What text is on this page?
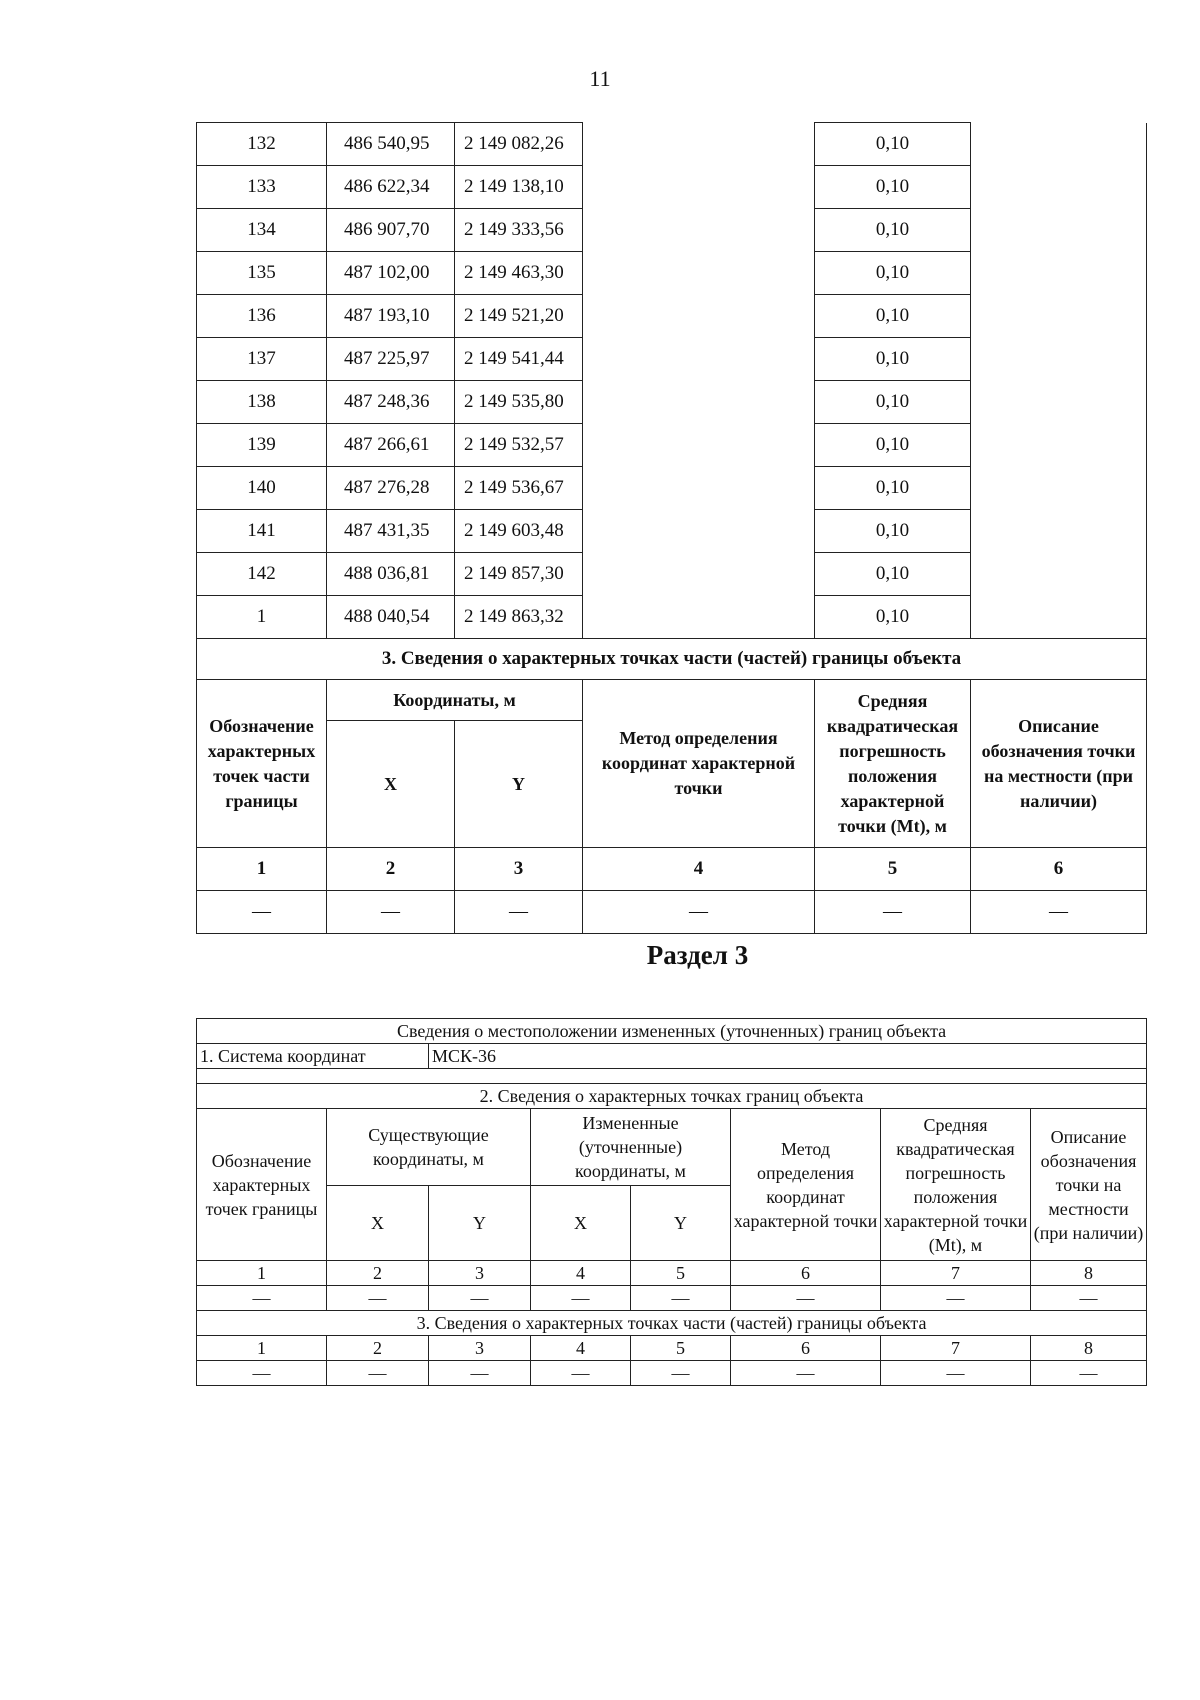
11
132	486 540,95	2 149 082,26		0,10	
133	486 622,34	2 149 138,10		0,10	
134	486 907,70	2 149 333,56		0,10	
135	487 102,00	2 149 463,30		0,10	
136	487 193,10	2 149 521,20		0,10	
137	487 225,97	2 149 541,44		0,10	
138	487 248,36	2 149 535,80		0,10	
139	487 266,61	2 149 532,57		0,10	
140	487 276,28	2 149 536,67		0,10	
141	487 431,35	2 149 603,48		0,10	
142	488 036,81	2 149 857,30		0,10	
1	488 040,54	2 149 863,32		0,10	
3. Сведения о характерных точках части (частей) границы объекта					
Обозначение характерных точек части границы	Координаты, м		Метод определения координат характерной точки	Средняя квадратическая погрешность положения характерной точки (Mt), м	Описание обозначения точки на местности (при наличии)
	X	Y			
1	2	3	4	5	6
—	—	—	—	—	—
Раздел 3
Сведения о местоположении измененных (уточненных) границ объекта							
1. Система координат		МСК-36					

2. Сведения о характерных точках границ объекта							
Обозначение характерных точек границы	Существующие координаты, м		Измененные (уточненные) координаты, м		Метод определения координат характерной точки	Средняя квадратическая погрешность положения характерной точки (Mt), м	Описание обозначения точки на местности (при наличии)
	X	Y	X	Y			
1	2	3	4	5	6	7	8
—	—	—	—	—	—	—	—
3. Сведения о характерных точках части (частей) границы объекта							
1	2	3	4	5	6	7	8
—	—	—	—	—	—	—	—
